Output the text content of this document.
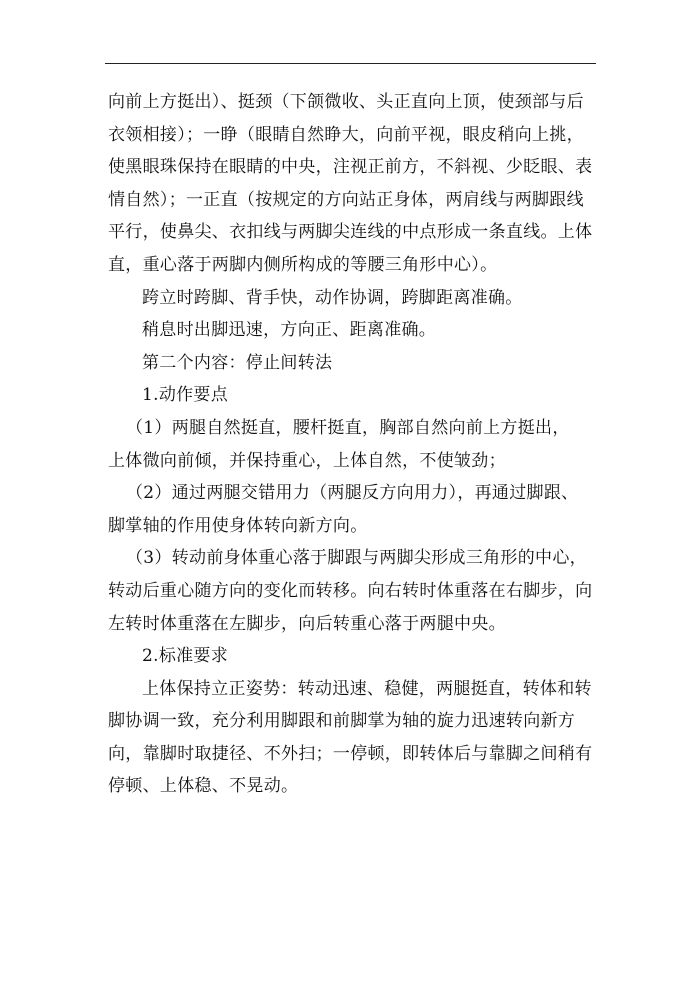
向前上方挺出）、挺颈（下颌微收、头正直向上顶，使颈部与后
衣领相接）；一睁（眼睛自然睁大，向前平视，眼皮稍向上挑，
使黑眼珠保持在眼睛的中央，注视正前方，不斜视、少眨眼、表
情自然）；一正直（按规定的方向站正身体，两肩线与两脚跟线
平行，使鼻尖、衣扣线与两脚尖连线的中点形成一条直线。上体
直，重心落于两脚内侧所构成的等腰三角形中心）。

跨立时跨脚、背手快，动作协调，跨脚距离准确。

稍息时出脚迅速，方向正、距离准确。

第二个内容：停止间转法

1.动作要点

（1）两腿自然挺直，腰杆挺直，胸部自然向前上方挺出，
上体微向前倾，并保持重心，上体自然，不使皱劲；

（2）通过两腿交错用力（两腿反方向用力），再通过脚跟、
脚掌轴的作用使身体转向新方向。

（3）转动前身体重心落于脚跟与两脚尖形成三角形的中心，
转动后重心随方向的变化而转移。向右转时体重落在右脚步，向
左转时体重落在左脚步，向后转重心落于两腿中央。

2.标准要求

上体保持立正姿势：转动迅速、稳健，两腿挺直，转体和转
脚协调一致，充分利用脚跟和前脚掌为轴的旋力迅速转向新方
向，靠脚时取捷径、不外扫；一停顿，即转体后与靠脚之间稍有
停顿、上体稳、不晃动。
